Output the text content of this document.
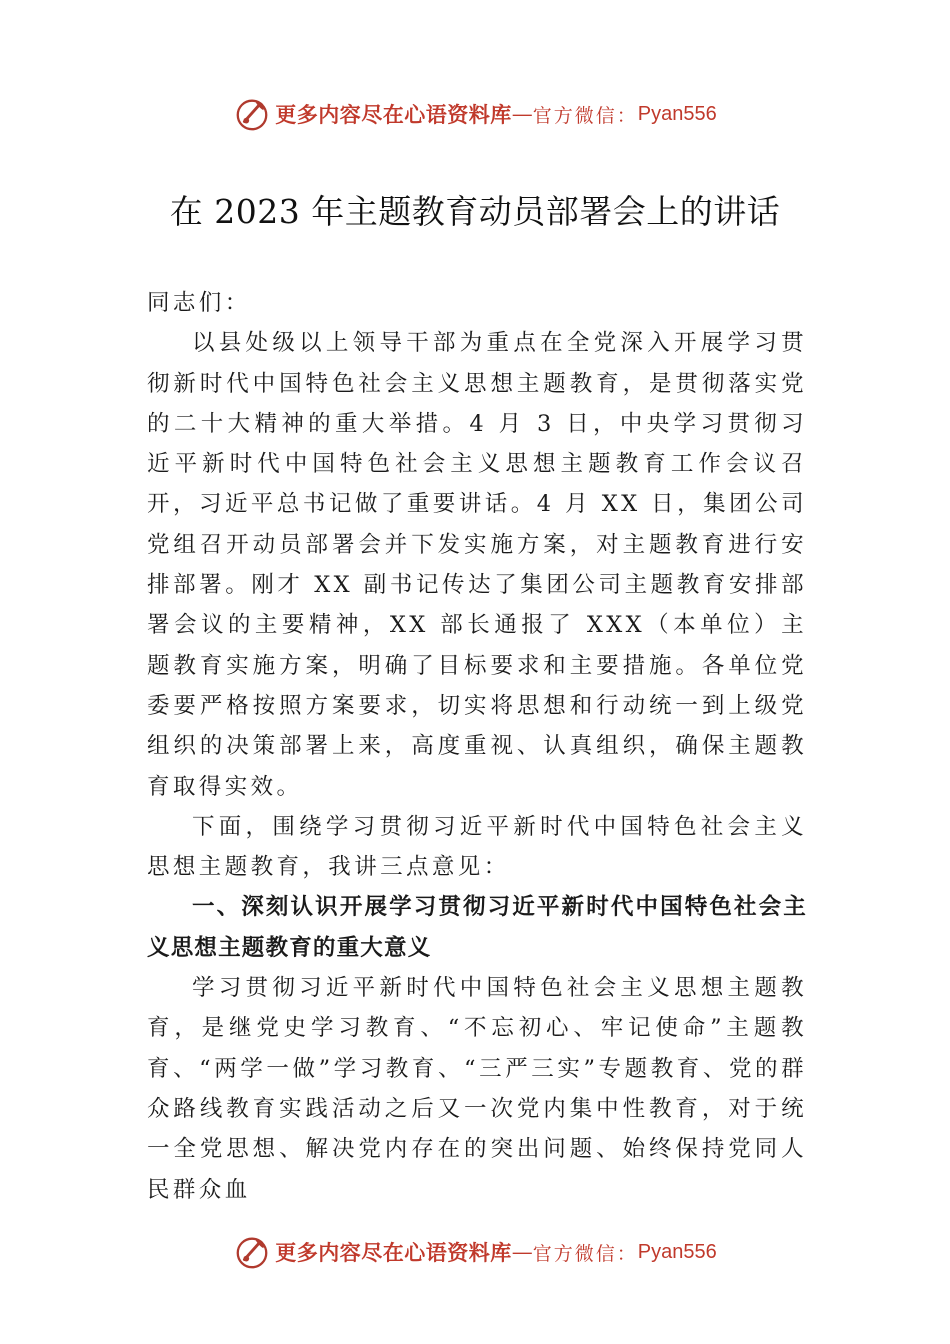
更多内容尽在心语资料库 — 官方微信： Pyan556
在 2023 年主题教育动员部署会上的讲话

同志们：

以县处级以上领导干部为重点在全党深入开展学习贯彻新时代中国特色社会主义思想主题教育，是贯彻落实党的二十大精神的重大举措。4 月 3 日，中央学习贯彻习近平新时代中国特色社会主义思想主题教育工作会议召开，习近平总书记做了重要讲话。4 月 XX 日，集团公司党组召开动员部署会并下发实施方案，对主题教育进行安排部署。刚才 XX 副书记传达了集团公司主题教育安排部署会议的主要精神，XX 部长通报了 XXX（本单位）主题教育实施方案，明确了目标要求和主要措施。各单位党委要严格按照方案要求，切实将思想和行动统一到上级党组织的决策部署上来，高度重视、认真组织，确保主题教育取得实效。

下面，围绕学习贯彻习近平新时代中国特色社会主义思想主题教育，我讲三点意见：

一、深刻认识开展学习贯彻习近平新时代中国特色社会主义思想主题教育的重大意义

学习贯彻习近平新时代中国特色社会主义思想主题教育，是继党史学习教育、“不忘初心、牢记使命”主题教育、“两学一做”学习教育、“三严三实”专题教育、党的群众路线教育实践活动之后又一次党内集中性教育，对于统一全党思想、解决党内存在的突出问题、始终保持党同人民群众血

更多内容尽在心语资料库 — 官方微信： Pyan556
